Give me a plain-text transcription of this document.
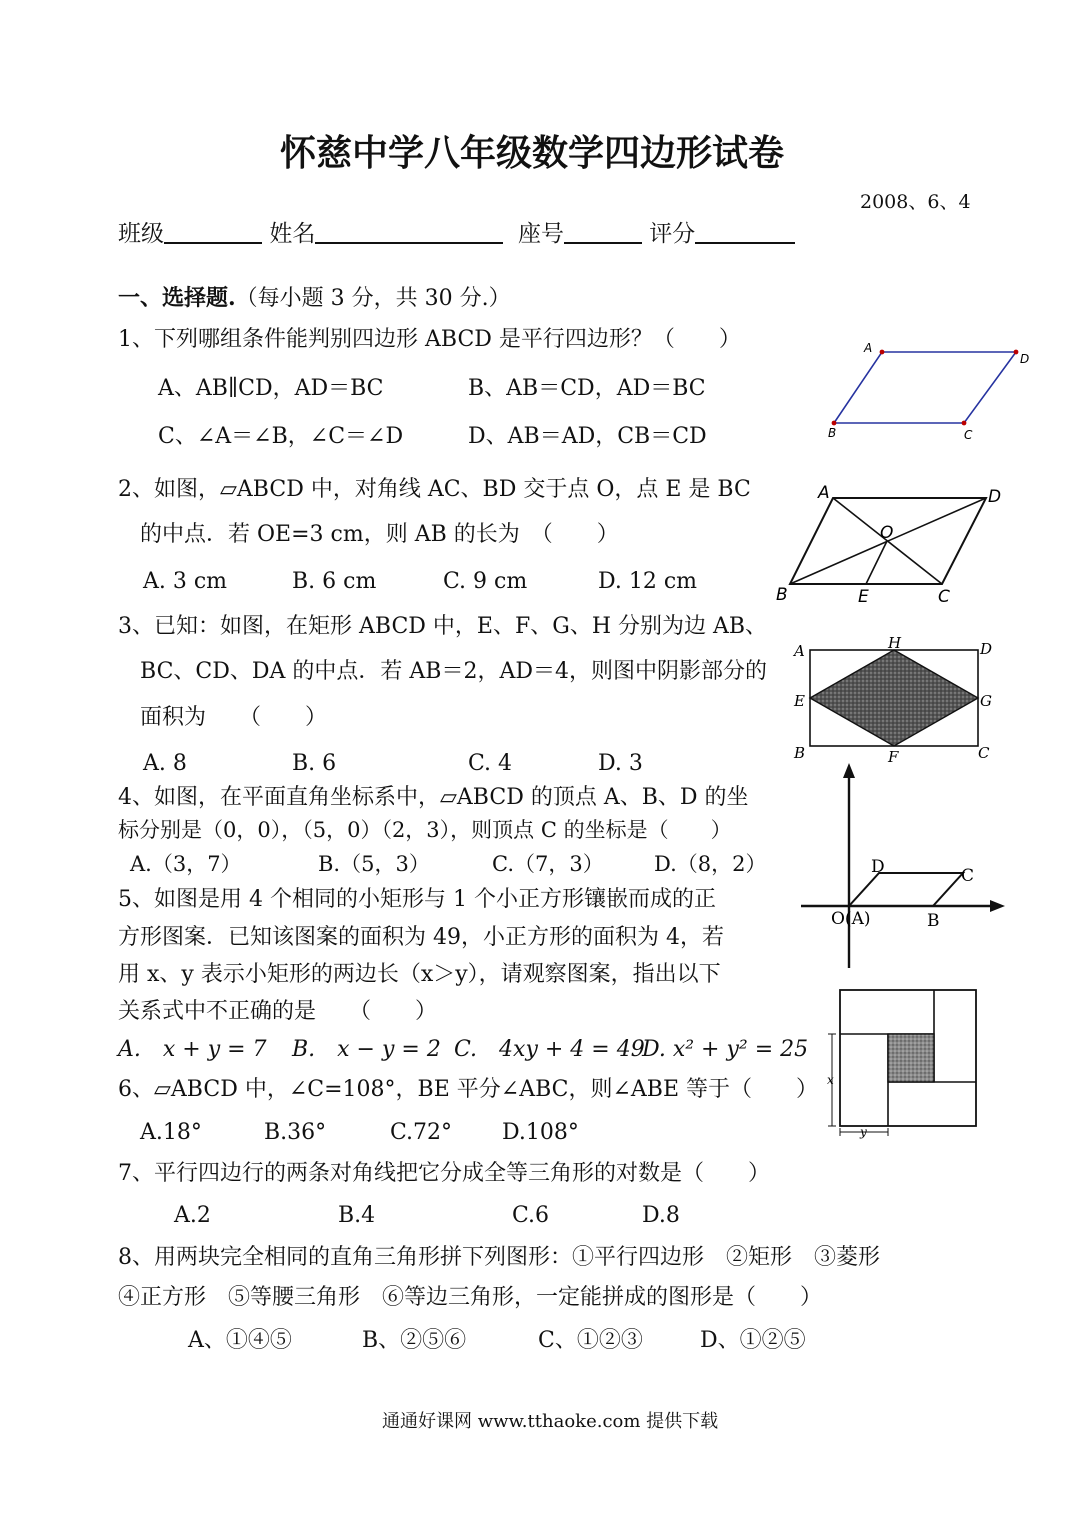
怀慈中学八年级数学四边形试卷
2008、6、4
班级	姓名	座号	评分
一、选择题.（每小题 3 分，共 30 分.）
1、下列哪组条件能判别四边形 ABCD 是平行四边形？（　　）
A、AB∥CD，AD＝BC	B、AB＝CD，AD＝BC
C、∠A＝∠B，∠C＝∠D	D、AB＝AD，CB＝CD
2、如图，▱ABCD 中，对角线 AC、BD 交于点 O，点 E 是 BC
的中点．若 OE=3 cm，则 AB 的长为　（　　）
A. 3 cm	B. 6 cm	C. 9 cm	D. 12 cm
3、已知：如图，在矩形 ABCD 中，E、F、G、H 分别为边 AB、
BC、CD、DA 的中点．若 AB＝2，AD＝4，则图中阴影部分的
面积为　　（　　）
A. 8	B. 6	C. 4	D. 3
4、如图，在平面直角坐标系中，▱ABCD 的顶点 A、B、D 的坐
标分别是（0，0），（5，0）（2，3），则顶点 C 的坐标是（　　）
A.（3，7）	B.（5，3）	C.（7，3） D.（8，2）
5、如图是用 4 个相同的小矩形与 1 个小正方形镶嵌而成的正
方形图案．已知该图案的面积为 49，小正方形的面积为 4，若
用 x、y 表示小矩形的两边长（x＞y），请观察图案，指出以下
关系式中不正确的是　　（　　）
A.　x + y = 7 B.　x − y = 2 C.　4xy + 4 = 49
D. x² + y² = 25
6、▱ABCD 中，∠C=108°，BE 平分∠ABC，则∠ABE 等于（　　）
A.18°	B.36°	C.72° D.108°
7、平行四边行的两条对角线把它分成全等三角形的对数是（　　）
A.2	B.4	C.6	D.8
8、用两块完全相同的直角三角形拼下列图形：①平行四边形　②矩形　③菱形
④正方形　⑤等腰三角形　⑥等边三角形，一定能拼成的图形是（　　）
A、①④⑤	B、②⑤⑥	C、①②③	D、①②⑤
A
D
B	C
A	D
O
B	E	C
A	H	D
E	G
B	F	C
D	C
O(A)	B
x
y
通通好课网 www.tthaoke.com 提供下载
